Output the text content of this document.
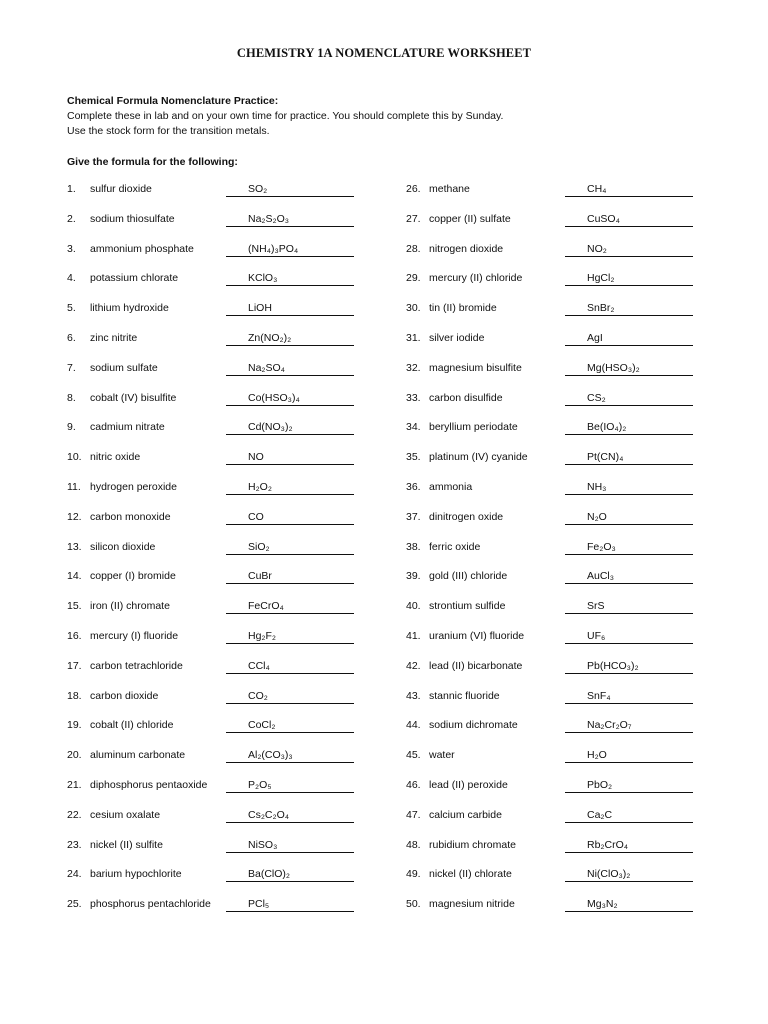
CHEMISTRY 1A NOMENCLATURE WORKSHEET
Chemical Formula Nomenclature Practice:
Complete these in lab and on your own time for practice. You should complete this by Sunday.
Use the stock form for the transition metals.
Give the formula for the following:
1. sulfur dioxide	SO₂
2. sodium thiosulfate	Na₂S₂O₃
3. ammonium phosphate	(NH₄)₃PO₄
4. potassium chlorate	KClO₃
5. lithium hydroxide	LiOH
6. zinc nitrite	Zn(NO₂)₂
7. sodium sulfate	Na₂SO₄
8. cobalt (IV) bisulfite	Co(HSO₃)₄
9. cadmium nitrate	Cd(NO₃)₂
10. nitric oxide	NO
11. hydrogen peroxide	H₂O₂
12. carbon monoxide	CO
13. silicon dioxide	SiO₂
14. copper (I) bromide	CuBr
15. iron (II) chromate	FeCrO₄
16. mercury (I) fluoride	Hg₂F₂
17. carbon tetrachloride	CCl₄
18. carbon dioxide	CO₂
19. cobalt (II) chloride	CoCl₂
20. aluminum carbonate	Al₂(CO₃)₃
21. diphosphorus pentaoxide	P₂O₅
22. cesium oxalate	Cs₂C₂O₄
23. nickel (II) sulfite	NiSO₃
24. barium hypochlorite	Ba(ClO)₂
25. phosphorus pentachloride	PCl₅
26. methane	CH₄
27. copper (II) sulfate	CuSO₄
28. nitrogen dioxide	NO₂
29. mercury (II) chloride	HgCl₂
30. tin (II) bromide	SnBr₂
31. silver iodide	AgI
32. magnesium bisulfite	Mg(HSO₃)₂
33. carbon disulfide	CS₂
34. beryllium periodate	Be(IO₄)₂
35. platinum (IV) cyanide	Pt(CN)₄
36. ammonia	NH₃
37. dinitrogen oxide	N₂O
38. ferric oxide	Fe₂O₃
39. gold (III) chloride	AuCl₃
40. strontium sulfide	SrS
41. uranium (VI) fluoride	UF₆
42. lead (II) bicarbonate	Pb(HCO₃)₂
43. stannic fluoride	SnF₄
44. sodium dichromate	Na₂Cr₂O₇
45. water	H₂O
46. lead (II) peroxide	PbO₂
47. calcium carbide	Ca₂C
48. rubidium chromate	Rb₂CrO₄
49. nickel (II) chlorate	Ni(ClO₃)₂
50. magnesium nitride	Mg₃N₂
